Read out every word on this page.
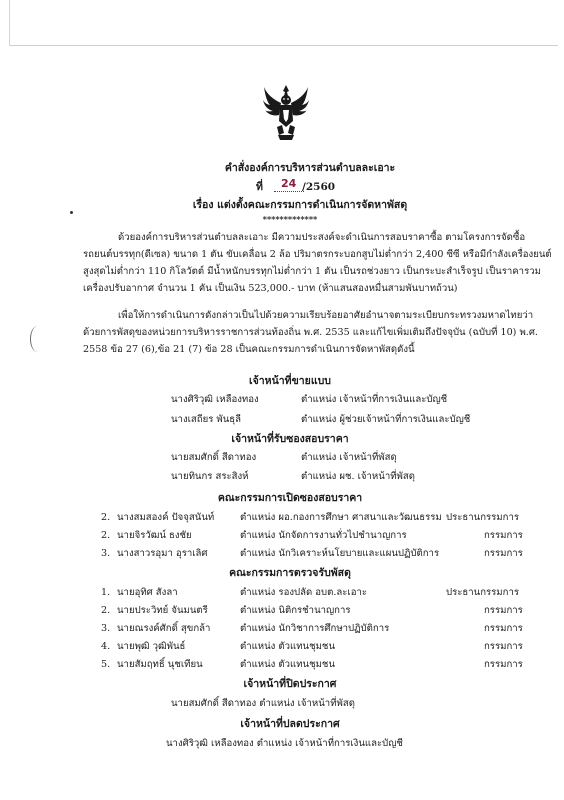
คำสั่งองค์การบริหารส่วนตำบลละเอาะ
ที่ 24 /2560
เรื่อง แต่งตั้งคณะกรรมการดำเนินการจัดหาพัสดุ
*************
ด้วยองค์การบริหารส่วนตำบลละเอาะ มีความประสงค์จะดำเนินการสอบราคาซื้อ ตามโครงการจัดซื้อ
รถยนต์บรรทุก(ดีเซล) ขนาด 1 ตัน ขับเคลื่อน 2 ล้อ ปริมาตรกระบอกสูบไม่ต่ำกว่า 2,400 ซีซี หรือมีกำลังเครื่องยนต์
สูงสุดไม่ต่ำกว่า 110 กิโลวัตต์ มีน้ำหนักบรรทุกไม่ต่ำกว่า 1 ตัน เป็นรถช่วงยาว เป็นกระบะสำเร็จรูป เป็นราคารวม
เครื่องปรับอากาศ จำนวน 1 คัน เป็นเงิน 523,000.- บาท (ห้าแสนสองหมื่นสามพันบาทถ้วน)
เพื่อให้การดำเนินการดังกล่าวเป็นไปด้วยความเรียบร้อยอาศัยอำนาจตามระเบียบกระทรวงมหาดไทยว่า
ด้วยการพัสดุของหน่วยการบริหารราชการส่วนท้องถิ่น พ.ศ. 2535 และแก้ไขเพิ่มเติมถึงปัจจุบัน (ฉบับที่ 10) พ.ศ.
2558 ข้อ 27 (6),ข้อ 21 (7) ข้อ 28 เป็นคณะกรรมการดำเนินการจัดหาพัสดุดังนี้
เจ้าหน้าที่ขายแบบ
นางศิริวุฒิ เหลืองทอง	ตำแหน่ง เจ้าหน้าที่การเงินและบัญชี
นางเสถียร พันธุลี	ตำแหน่ง ผู้ช่วยเจ้าหน้าที่การเงินและบัญชี
เจ้าหน้าที่รับซองสอบราคา
นายสมศักดิ์ สีดาทอง	ตำแหน่ง เจ้าหน้าที่พัสดุ
นายทินกร สระสิงห์	ตำแหน่ง ผช. เจ้าหน้าที่พัสดุ
คณะกรรมการเปิดซองสอบราคา
2. นางสมสองค์ ปัจจุสนันท์	ตำแหน่ง ผอ.กองการศึกษา ศาสนาและวัฒนธรรม ประธานกรรมการ
2. นายจิรวัฒน์ ธงชัย	ตำแหน่ง นักจัดการงานทั่วไปชำนาญการ	กรรมการ
3. นางสาวรอุมา อุราเลิศ	ตำแหน่ง นักวิเคราะห์นโยบายและแผนปฏิบัติการ	กรรมการ
คณะกรรมการตรวจรับพัสดุ
1. นายอุทิศ สังลา	ตำแหน่ง รองปลัด อบต.ละเอาะ	ประธานกรรมการ
2. นายประวิทย์ จันมนตรี	ตำแหน่ง นิติกรชำนาญการ	กรรมการ
3. นายณรงค์ศักดิ์ สุขกล้า	ตำแหน่ง นักวิชาการศึกษาปฏิบัติการ	กรรมการ
4. นายพุฒิ วุฒิพันธ์	ตำแหน่ง ตัวแทนชุมชน	กรรมการ
5. นายสัมฤทธิ์ นุชเทียน	ตำแหน่ง ตัวแทนชุมชน	กรรมการ
เจ้าหน้าที่ปิดประกาศ
นายสมศักดิ์ สีดาทอง ตำแหน่ง เจ้าหน้าที่พัสดุ
เจ้าหน้าที่ปลดประกาศ
นางศิริวุฒิ เหลืองทอง ตำแหน่ง เจ้าหน้าที่การเงินและบัญชี
